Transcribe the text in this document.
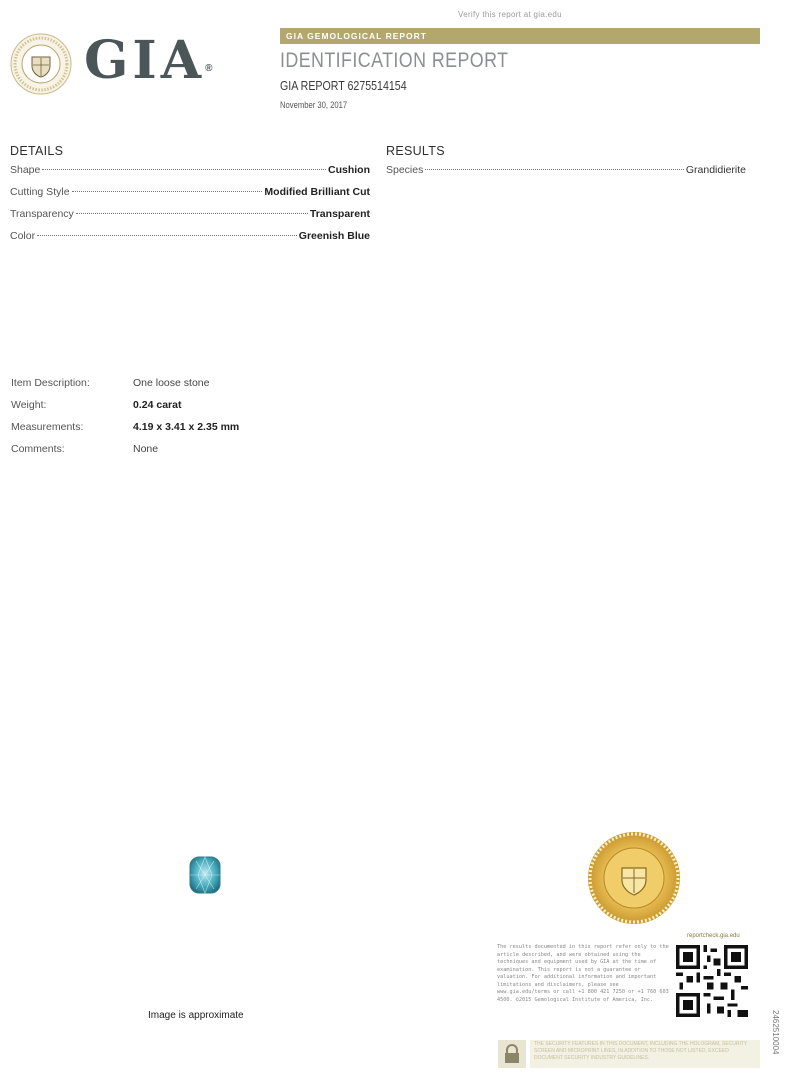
Verify this report at gia.edu
GIA®
GIA GEMOLOGICAL REPORT
IDENTIFICATION REPORT
GIA REPORT 6275514154
November 30, 2017
DETAILS
Shape	Cushion
Cutting Style	Modified Brilliant Cut
Transparency	Transparent
Color	Greenish Blue
RESULTS
Species	Grandidierite
Item Description:	One loose stone
Weight:	0.24 carat
Measurements:	4.19 x 3.41 x 2.35 mm
Comments:	None
Image is approximate
reportcheck.gia.edu
The results documented in this report refer only to the article described, and were obtained using the techniques and equipment used by GIA at the time of examination. This report is not a guarantee or valuation. For additional information and important limitations and disclaimers, please see www.gia.edu/terms or call +1 800 421 7250 or +1 760 603 4500. ©2015 Gemological Institute of America, Inc.
THE SECURITY FEATURES IN THIS DOCUMENT, INCLUDING THE HOLOGRAM, SECURITY SCREEN AND MICROPRINT LINES, IN ADDITION TO THOSE NOT LISTED, EXCEED DOCUMENT SECURITY INDUSTRY GUIDELINES.
2462510004
